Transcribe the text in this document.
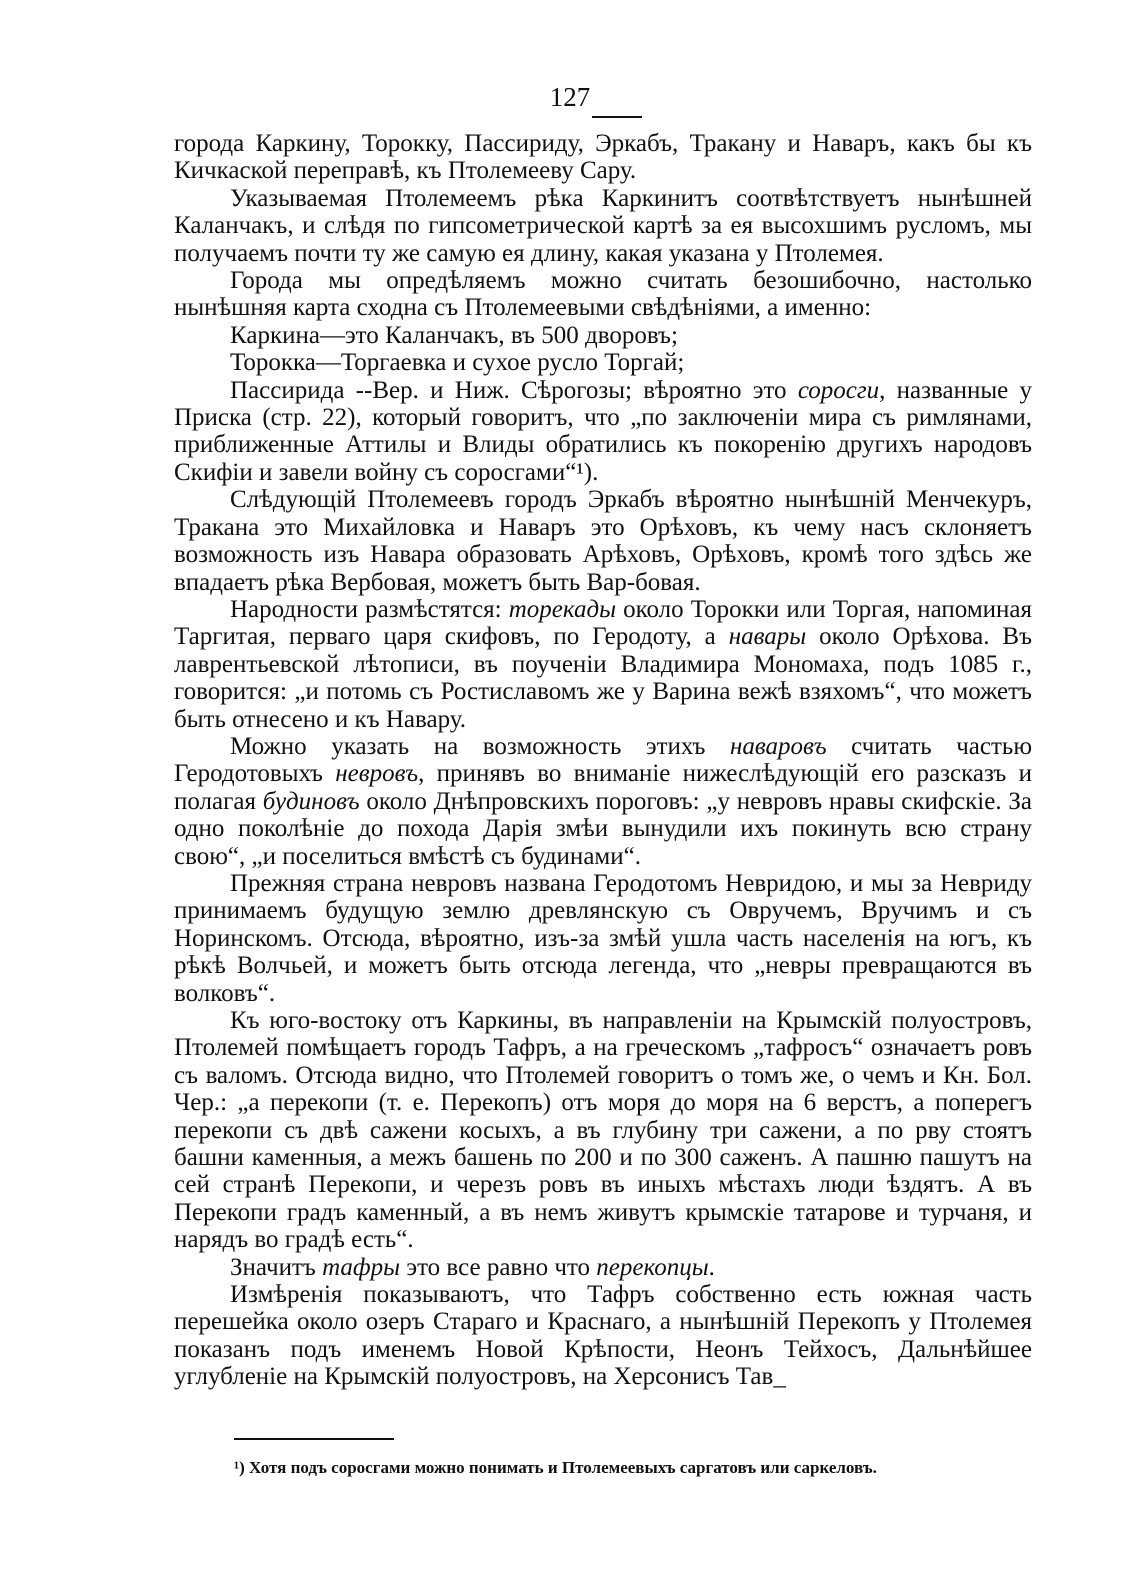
127

города Каркину, Торокку, Пассириду, Эркабъ, Тракану и Наваръ, какъ бы къ Кичкаской переправѣ, къ Птолемееву Сару.

Указываемая Птолемеемъ рѣка Каркинитъ соотвѣтствуетъ нынѣшней Каланчакъ, и слѣдя по гипсометрической картѣ за ея высохшимъ русломъ, мы получаемъ почти ту же самую ея длину, какая указана у Птолемея.

Города мы опредѣляемъ можно считать безошибочно, настолько нынѣшняя карта сходна съ Птолемеевыми свѣдѣніями, а именно:

Каркина—это Каланчакъ, въ 500 дворовъ;

Торокка—Торгаевка и сухое русло Торгай;

Пассирида --Вер. и Ниж. Сѣрогозы; вѣроятно это соросги, названные у Приска (стр. 22), который говоритъ, что „по заключеніи мира съ римлянами, приближенные Аттилы и Влиды обратились къ покоренію другихъ народовъ Скифіи и завели войну съ соросгами“¹).

Слѣдующій Птолемеевъ городъ Эркабъ вѣроятно нынѣшній Менчекуръ, Тракана это Михайловка и Наваръ это Орѣховъ, къ чему насъ склоняетъ возможность изъ Навара образовать Арѣховъ, Орѣховъ, кромѣ того здѣсь же впадаетъ рѣка Вербовая, можетъ быть Вар-бовая.

Народности размѣстятся: торекады около Торокки или Торгая, напоминая Таргитая, перваго царя скифовъ, по Геродоту, а навары около Орѣхова. Въ лаврентьевской лѣтописи, въ поученіи Владимира Мономаха, подъ 1085 г., говорится: „и потомь съ Ростиславомъ же у Варина вежѣ взяхомъ“, что можетъ быть отнесено и къ Навару.

Можно указать на возможность этихъ наваровъ считать частью Геродотовыхъ невровъ, принявъ во вниманіе нижеслѣдующій его разсказъ и полагая будиновъ около Днѣпровскихъ пороговъ: „у невровъ нравы скифскіе. За одно поколѣніе до похода Дарія змѣи вынудили ихъ покинуть всю страну свою“, „и поселиться вмѣстѣ съ будинами“.

Прежняя страна невровъ названа Геродотомъ Невридою, и мы за Невриду принимаемъ будущую землю древлянскую съ Овручемъ, Вручимъ и съ Норинскомъ. Отсюда, вѣроятно, изъ-за змѣй ушла часть населенія на югъ, къ рѣкѣ Волчьей, и можетъ быть отсюда легенда, что „невры превращаются въ волковъ“.

Къ юго-востоку отъ Каркины, въ направленіи на Крымскій полуостровъ, Птолемей помѣщаетъ городъ Тафръ, а на греческомъ „тафросъ“ означаетъ ровъ съ валомъ. Отсюда видно, что Птолемей говоритъ о томъ же, о чемъ и Кн. Бол. Чер.: „а перекопи (т. е. Перекопъ) отъ моря до моря на 6 верстъ, а поперегъ перекопи съ двѣ сажени косыхъ, а въ глубину три сажени, а по рву стоятъ башни каменныя, а межъ башень по 200 и по 300 саженъ. А пашню пашутъ на сей странѣ Перекопи, и черезъ ровъ въ иныхъ мѣстахъ люди ѣздятъ. А въ Перекопи градъ каменный, а въ немъ живутъ крымскіе татарове и турчаня, и нарядъ во градѣ есть“.

Значитъ тафры это все равно что перекопцы.

Измѣренія показываютъ, что Тафръ собственно есть южная часть перешейка около озеръ Стараго и Краснаго, а нынѣшній Перекопъ у Птолемея показанъ подъ именемъ Новой Крѣпости, Неонъ Тейхосъ, Дальнѣйшее углубленіе на Крымскій полуостровъ, на Херсонисъ Тав_

¹) Хотя подъ соросгами можно понимать и Птолемеевыхъ саргатовъ или саркеловъ.
